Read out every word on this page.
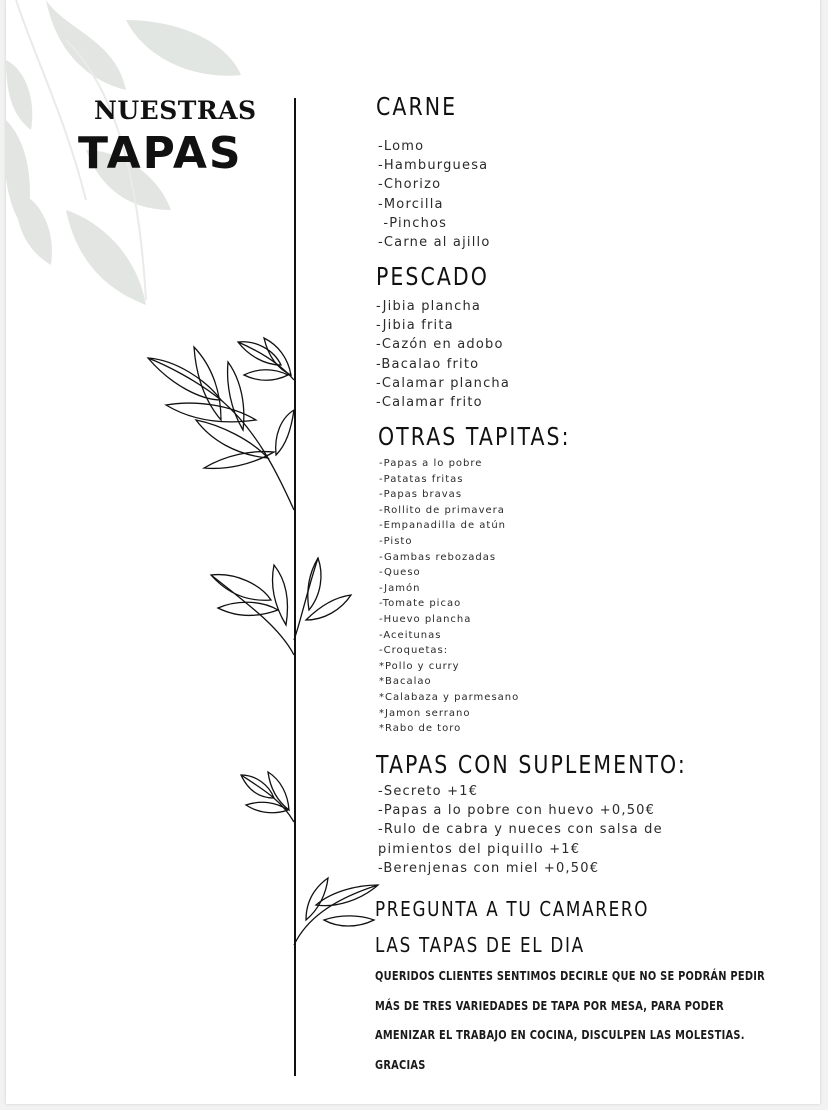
NUESTRAS
TAPAS
CARNE
-Lomo
-Hamburguesa
-Chorizo
-Morcilla
-Pinchos
-Carne al ajillo
PESCADO
-Jibia plancha
-Jibia frita
-Cazón en adobo
-Bacalao frito
-Calamar plancha
-Calamar frito
OTRAS TAPITAS:
-Papas a lo pobre
-Patatas fritas
-Papas bravas
-Rollito de primavera
-Empanadilla de atún
-Pisto
-Gambas rebozadas
-Queso
-Jamón
-Tomate picao
-Huevo plancha
-Aceitunas
-Croquetas:
*Pollo y curry
*Bacalao
*Calabaza y parmesano
*Jamon serrano
*Rabo de toro
TAPAS CON SUPLEMENTO:
-Secreto +1€
-Papas a lo pobre con huevo +0,50€
-Rulo de cabra y nueces con salsa de
pimientos del piquillo +1€
-Berenjenas con miel +0,50€
PREGUNTA A TU CAMARERO
LAS TAPAS DE EL DIA
QUERIDOS CLIENTES SENTIMOS DECIRLE QUE NO SE PODRÁN PEDIR
MÁS DE TRES VARIEDADES DE TAPA POR MESA, PARA PODER
AMENIZAR EL TRABAJO EN COCINA, DISCULPEN LAS MOLESTIAS.
GRACIAS
